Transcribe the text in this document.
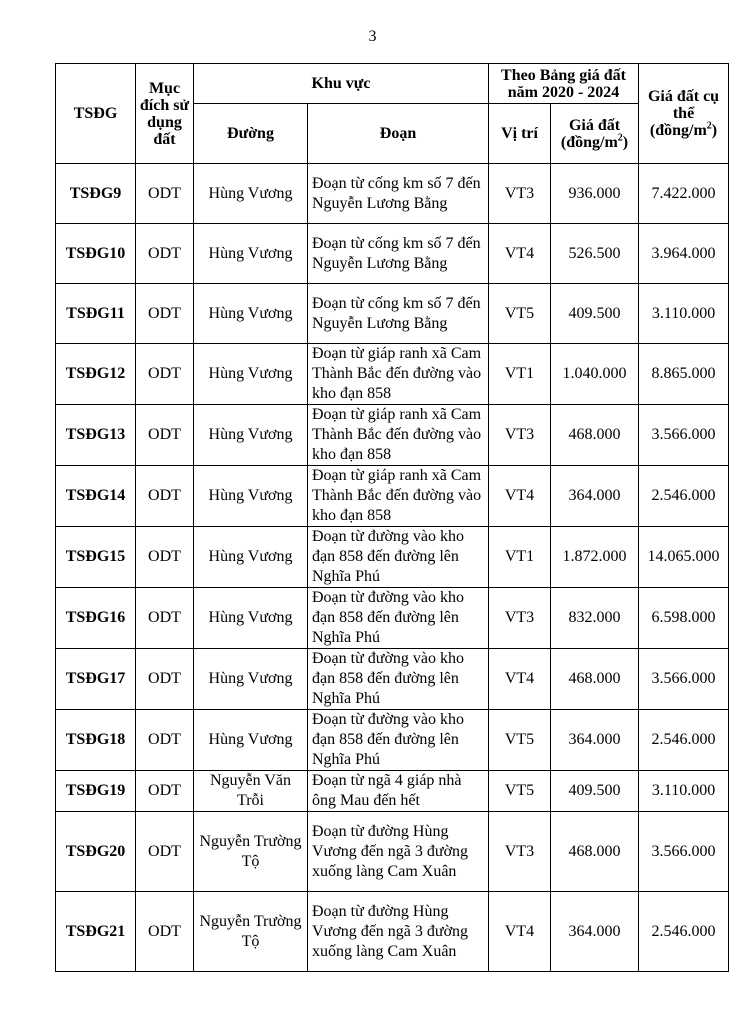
3
TSĐG	Mục đích sử dụng đất	Khu vực		Theo Bảng giá đất năm 2020 - 2024		Giá đất cụ thể $(đồng/m^2)$
		Đường	Đoạn	Vị trí	Giá đất $(đồng/m^2)$	
TSĐG9	ODT	Hùng Vương	Đoạn từ cống km số 7 đến Nguyễn Lương Bằng	VT3	936.000	7.422.000
TSĐG10	ODT	Hùng Vương	Đoạn từ cống km số 7 đến Nguyễn Lương Bằng	VT4	526.500	3.964.000
TSĐG11	ODT	Hùng Vương	Đoạn từ cống km số 7 đến Nguyễn Lương Bằng	VT5	409.500	3.110.000
TSĐG12	ODT	Hùng Vương	Đoạn từ giáp ranh xã Cam Thành Bắc đến đường vào kho đạn 858	VT1	1.040.000	8.865.000
TSĐG13	ODT	Hùng Vương	Đoạn từ giáp ranh xã Cam Thành Bắc đến đường vào kho đạn 858	VT3	468.000	3.566.000
TSĐG14	ODT	Hùng Vương	Đoạn từ giáp ranh xã Cam Thành Bắc đến đường vào kho đạn 858	VT4	364.000	2.546.000
TSĐG15	ODT	Hùng Vương	Đoạn từ đường vào kho đạn 858 đến đường lên Nghĩa Phú	VT1	1.872.000	14.065.000
TSĐG16	ODT	Hùng Vương	Đoạn từ đường vào kho đạn 858 đến đường lên Nghĩa Phú	VT3	832.000	6.598.000
TSĐG17	ODT	Hùng Vương	Đoạn từ đường vào kho đạn 858 đến đường lên Nghĩa Phú	VT4	468.000	3.566.000
TSĐG18	ODT	Hùng Vương	Đoạn từ đường vào kho đạn 858 đến đường lên Nghĩa Phú	VT5	364.000	2.546.000
TSĐG19	ODT	Nguyễn Văn Trỗi	Đoạn từ ngã 4 giáp nhà ông Mau đến hết	VT5	409.500	3.110.000
TSĐG20	ODT	Nguyễn Trường Tộ	Đoạn từ đường Hùng Vương đến ngã 3 đường xuống làng Cam Xuân	VT3	468.000	3.566.000
TSĐG21	ODT	Nguyễn Trường Tộ	Đoạn từ đường Hùng Vương đến ngã 3 đường xuống làng Cam Xuân	VT4	364.000	2.546.000
